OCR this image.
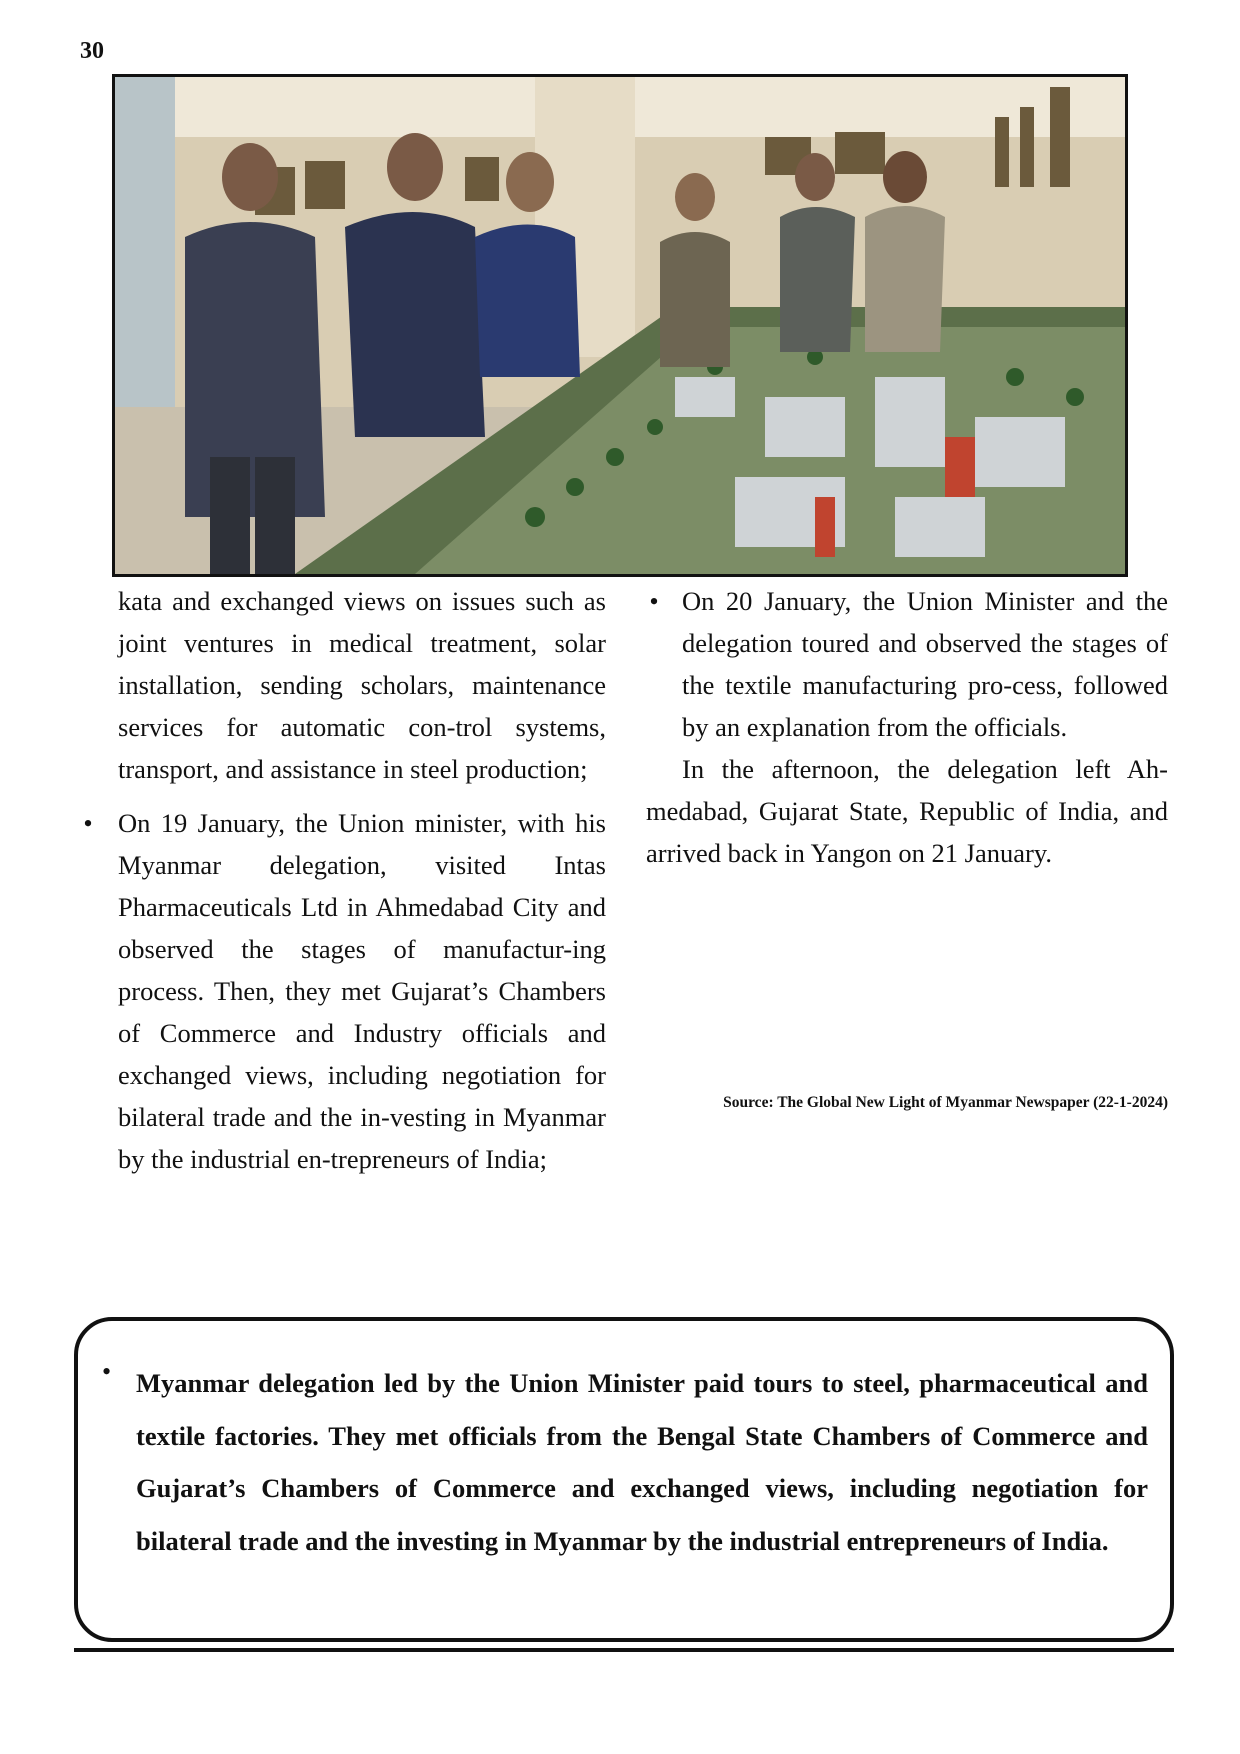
30

kata and exchanged views on issues such as joint ventures in medical treatment, solar installation, sending scholars, maintenance services for automatic con-trol systems, transport, and assistance in steel production;

• On 19 January, the Union minister, with his Myanmar delegation, visited Intas Pharmaceuticals Ltd in Ahmedabad City and observed the stages of manufactur-ing process. Then, they met Gujarat’s Chambers of Commerce and Industry officials and exchanged views, including negotiation for bilateral trade and the in-vesting in Myanmar by the industrial en-trepreneurs of India;

• On 20 January, the Union Minister and the delegation toured and observed the stages of the textile manufacturing pro-cess, followed by an explanation from the officials.

In the afternoon, the delegation left Ah-medabad, Gujarat State, Republic of India, and arrived back in Yangon on 21 January.

Source: The Global New Light of Myanmar Newspaper (22-1-2024)
• Myanmar delegation led by the Union Minister paid tours to steel, pharmaceutical and textile factories. They met officials from the Bengal State Chambers of Commerce and Gujarat’s Chambers of Commerce and exchanged views, including negotiation for bilateral trade and the investing in Myanmar by the industrial entrepreneurs of India.
